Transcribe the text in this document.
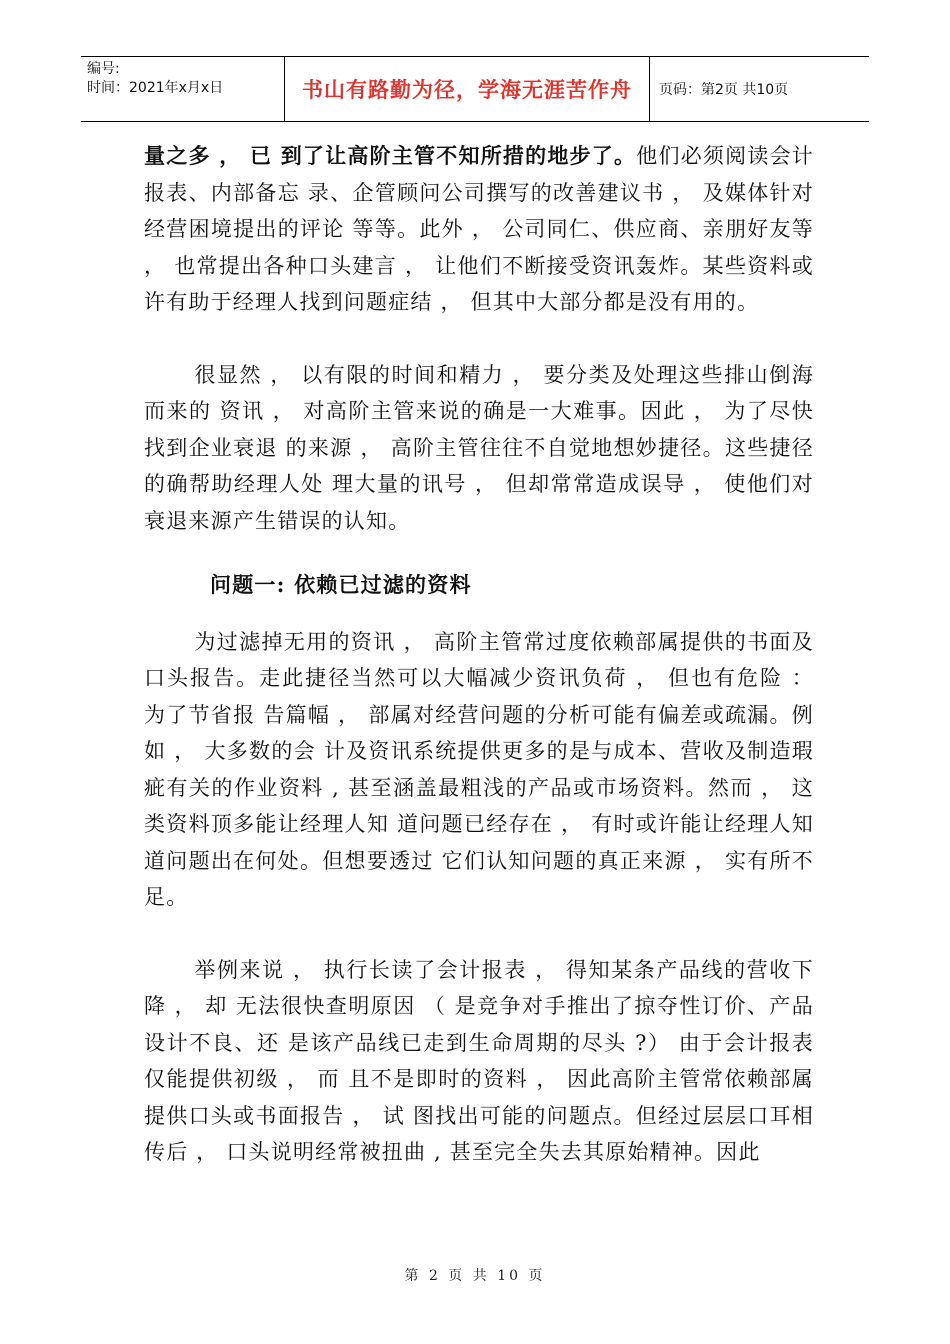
编号:
时间：2021年x月x日	书山有路勤为径，学海无涯苦作舟	页码：第2页 共10页

量之多 ， 已 到了让高阶主管不知所措的地步了。他们必须阅读会计报表、内部备忘 录、企管顾问公司撰写的改善建议书 ， 及媒体针对经营困境提出的评论 等等。此外 ， 公司同仁、供应商、亲朋好友等 ， 也常提出各种口头建言 ， 让他们不断接受资讯轰炸。某些资料或许有助于经理人找到问题症结 ， 但其中大部分都是没有用的。

很显然 ， 以有限的时间和精力 ， 要分类及处理这些排山倒海而来的 资讯 ， 对高阶主管来说的确是一大难事。因此 ， 为了尽快找到企业衰退 的来源 ， 高阶主管往往不自觉地想妙捷径。这些捷径的确帮助经理人处 理大量的讯号 ， 但却常常造成误导 ， 使他们对衰退来源产生错误的认知。

问题一: 依赖已过滤的资料

为过滤掉无用的资讯 ， 高阶主管常过度依赖部属提供的书面及口头报告。走此捷径当然可以大幅减少资讯负荷 ， 但也有危险 ： 为了节省报 告篇幅 ， 部属对经营问题的分析可能有偏差或疏漏。例如 ， 大多数的会 计及资讯系统提供更多的是与成本、营收及制造瑕疵有关的作业资料 , 甚至涵盖最粗浅的产品或市场资料。然而 ， 这类资料顶多能让经理人知 道问题已经存在 ， 有时或许能让经理人知道问题出在何处。但想要透过 它们认知问题的真正来源 ， 实有所不足。

举例来说 ， 执行长读了会计报表 ， 得知某条产品线的营收下降 ， 却 无法很快查明原因 （ 是竞争对手推出了掠夺性订价、产品设计不良、还 是该产品线已走到生命周期的尽头 ?） 由于会计报表仅能提供初级 ， 而 且不是即时的资料 ， 因此高阶主管常依赖部属提供口头或书面报告 ， 试 图找出可能的问题点。但经过层层口耳相传后 ， 口头说明经常被扭曲 , 甚至完全失去其原始精神。因此

第 2 页 共 10 页
